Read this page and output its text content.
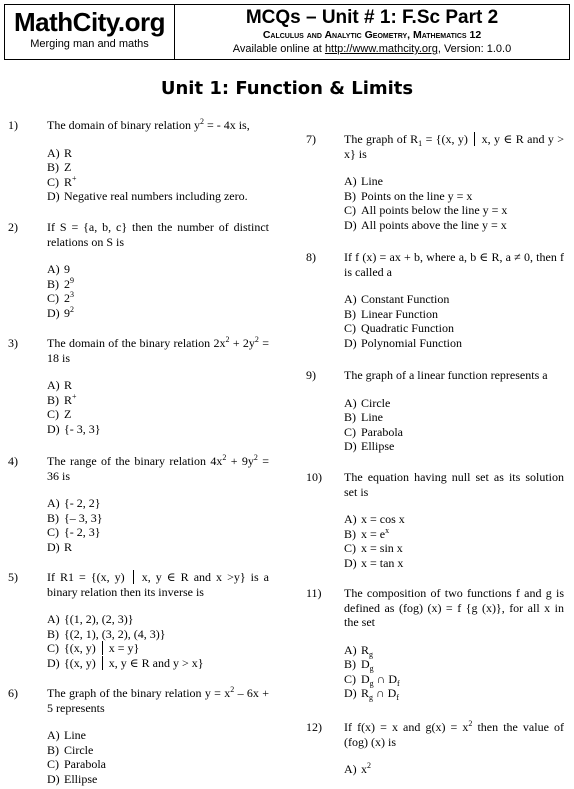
MathCity.org
Merging man and maths
MCQs – Unit # 1: F.Sc Part 2
Calculus and Analytic Geometry, Mathematics 12
Available online at http://www.mathcity.org, Version: 1.0.0
Unit 1: Function & Limits
1) The domain of binary relation $y^2$ = - 4x is,
A) R
B) Z
C) R+
D) Negative real numbers including zero.
2) If S = {a, b, c} then the number of distinct relations on S is
A) 9
B) $2^9$
C) $2^3$
D) $9^2$
3) The domain of the binary relation $2x^2 + 2y^2 = 18$ is
A) R
B) R+
C) Z
D) {- 3, 3}
4) The range of the binary relation $4x^2 + 9y^2 = 36$ is
A) {- 2, 2}
B) {– 3, 3}
C) {- 2, 3}
D) R
5) If R1 = {(x, y)  x, y ∈ R and x >y} is a binary relation then its inverse is
A) {(1, 2), (2, 3)}
B) {(2, 1), (3, 2), (4, 3)}
C) {(x, y)  x = y}
D) {(x, y)  x, y ∈ R and y > x}
6) The graph of the binary relation $y = x^2 - 6x + 5$ represents
A) Line
B) Circle
C) Parabola
D) Ellipse
7) The graph of $R_1 = \{(x$, y)  x, y ∈ R and y > x} is
A) Line
B) Points on the line y = x
C) All points below the line y = x
D) All points above the line y = x
8) If f (x) = ax + b, where a, b ∈ R, a ≠ 0, then f is called a
A) Constant Function
B) Linear Function
C) Quadratic Function
D) Polynomial Function
9) The graph of a linear function represents a
A) Circle
B) Line
C) Parabola
D) Ellipse
10) The equation having null set as its solution set is
A) x = cos x
B) $x = e^x$
C) x = sin x
D) x = tan x
11) The composition of two functions f and g is defined as (fog) (x) = f {g (x)}, for all x in the set
A) $R_g$
B) $D_g$
C) $D_g$ ∩ $D_f$
D) $R_g$ ∩ $D_f$
12) If f(x) = x and $g(x) = x^2$ then the value of (fog) (x) is
A) $x^2$
